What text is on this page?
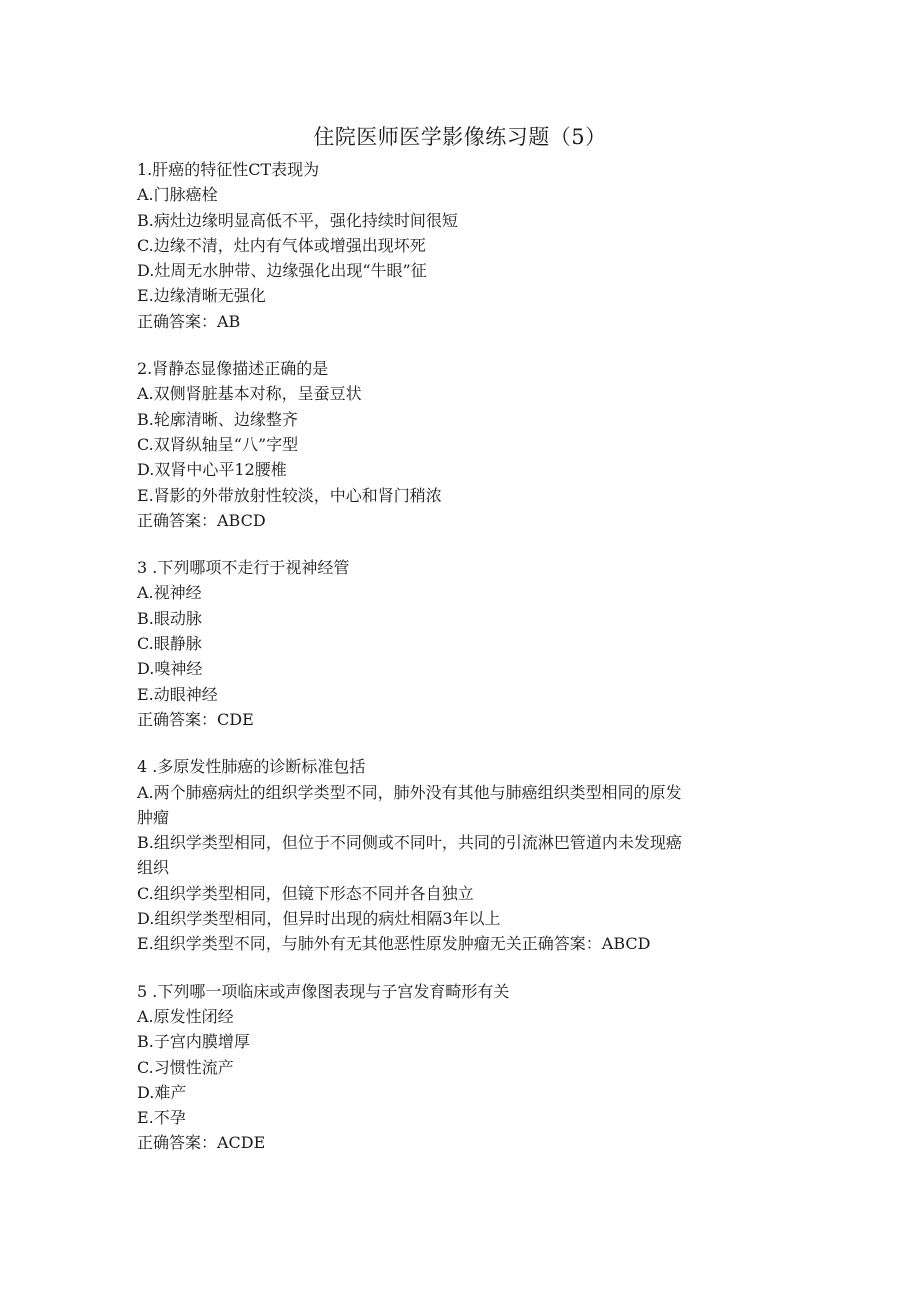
住院医师医学影像练习题（5）
1.肝癌的特征性CT表现为
A.门脉癌栓
B.病灶边缘明显高低不平，强化持续时间很短
C.边缘不清，灶内有气体或增强出现坏死
D.灶周无水肿带、边缘强化出现“牛眼”征
E.边缘清晰无强化
正确答案：AB
2.肾静态显像描述正确的是
A.双侧肾脏基本对称，呈蚕豆状
B.轮廓清晰、边缘整齐
C.双肾纵轴呈“八”字型
D.双肾中心平12腰椎
E.肾影的外带放射性较淡，中心和肾门稍浓
正确答案：ABCD
3 .下列哪项不走行于视神经管
A.视神经
B.眼动脉
C.眼静脉
D.嗅神经
E.动眼神经
正确答案：CDE
4 .多原发性肺癌的诊断标准包括
A.两个肺癌病灶的组织学类型不同，肺外没有其他与肺癌组织类型相同的原发
肿瘤
B.组织学类型相同，但位于不同侧或不同叶，共同的引流淋巴管道内未发现癌
组织
C.组织学类型相同，但镜下形态不同并各自独立
D.组织学类型相同，但异时出现的病灶相隔3年以上
E.组织学类型不同，与肺外有无其他恶性原发肿瘤无关正确答案：ABCD
5 .下列哪一项临床或声像图表现与子宫发育畸形有关
A.原发性闭经
B.子宫内膜增厚
C.习惯性流产
D.难产
E.不孕
正确答案：ACDE
